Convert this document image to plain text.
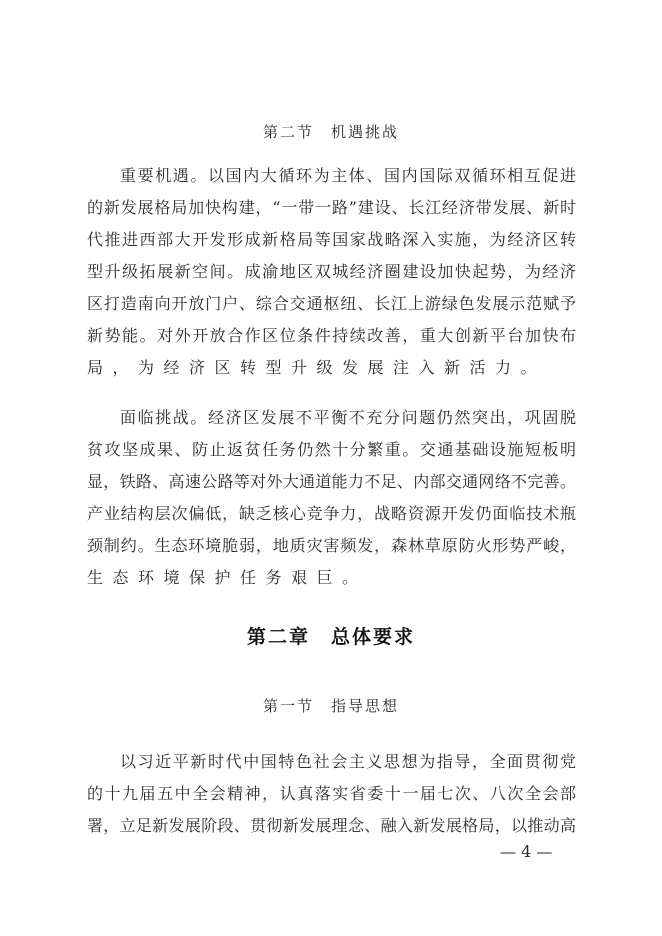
第二节　机遇挑战
重要机遇。以国内大循环为主体、国内国际双循环相互促进
的新发展格局加快构建，“一带一路”建设、长江经济带发展、新时
代推进西部大开发形成新格局等国家战略深入实施，为经济区转
型升级拓展新空间。成渝地区双城经济圈建设加快起势，为经济
区打造南向开放门户、综合交通枢纽、长江上游绿色发展示范赋予
新势能。对外开放合作区位条件持续改善，重大创新平台加快布
局，为经济区转型升级发展注入新活力。
面临挑战。经济区发展不平衡不充分问题仍然突出，巩固脱
贫攻坚成果、防止返贫任务仍然十分繁重。交通基础设施短板明
显，铁路、高速公路等对外大通道能力不足、内部交通网络不完善。
产业结构层次偏低，缺乏核心竞争力，战略资源开发仍面临技术瓶
颈制约。生态环境脆弱，地质灾害频发，森林草原防火形势严峻，
生态环境保护任务艰巨。
第二章　总体要求
第一节　指导思想
以习近平新时代中国特色社会主义思想为指导，全面贯彻党
的十九届五中全会精神，认真落实省委十一届七次、八次全会部
署，立足新发展阶段、贯彻新发展理念、融入新发展格局，以推动高
— 4 —
